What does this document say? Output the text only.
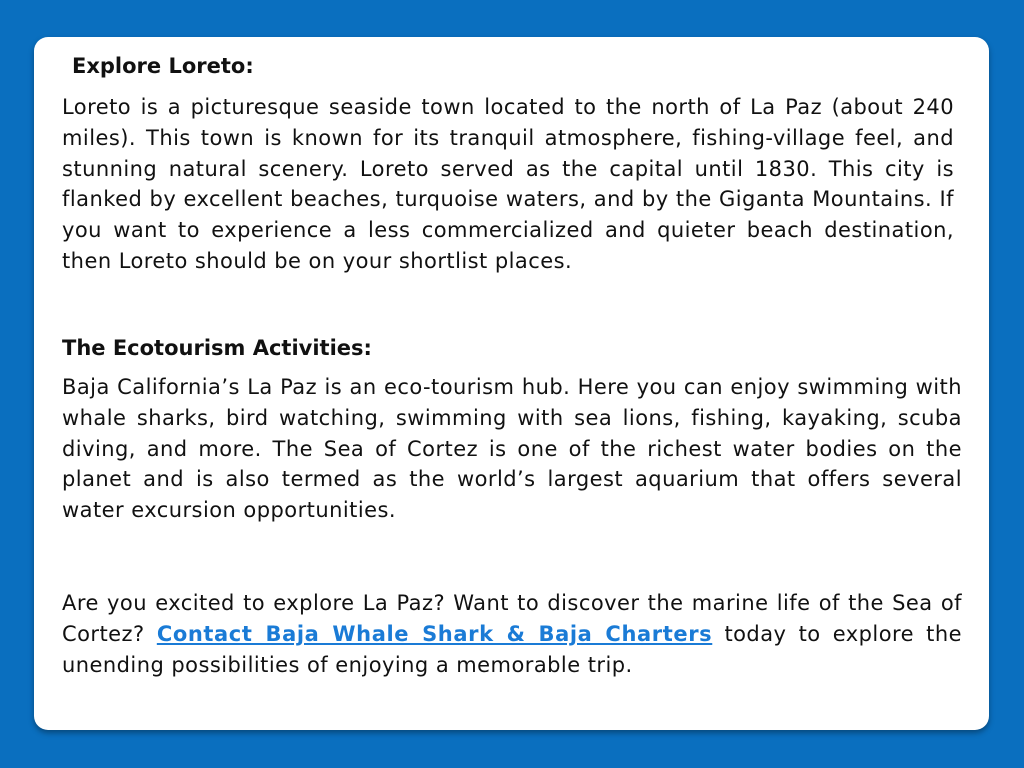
Explore Loreto:

Loreto is a picturesque seaside town located to the north of La Paz (about 240 miles). This town is known for its tranquil atmosphere, fishing-village feel, and stunning natural scenery. Loreto served as the capital until 1830. This city is flanked by excellent beaches, turquoise waters, and by the Giganta Mountains. If you want to experience a less commercialized and quieter beach destination, then Loreto should be on your shortlist places.

The Ecotourism Activities:

Baja California’s La Paz is an eco-tourism hub. Here you can enjoy swimming with whale sharks, bird watching, swimming with sea lions, fishing, kayaking, scuba diving, and more. The Sea of Cortez is one of the richest water bodies on the planet and is also termed as the world’s largest aquarium that offers several water excursion opportunities.

Are you excited to explore La Paz? Want to discover the marine life of the Sea of Cortez? Contact Baja Whale Shark & Baja Charters today to explore the unending possibilities of enjoying a memorable trip.
